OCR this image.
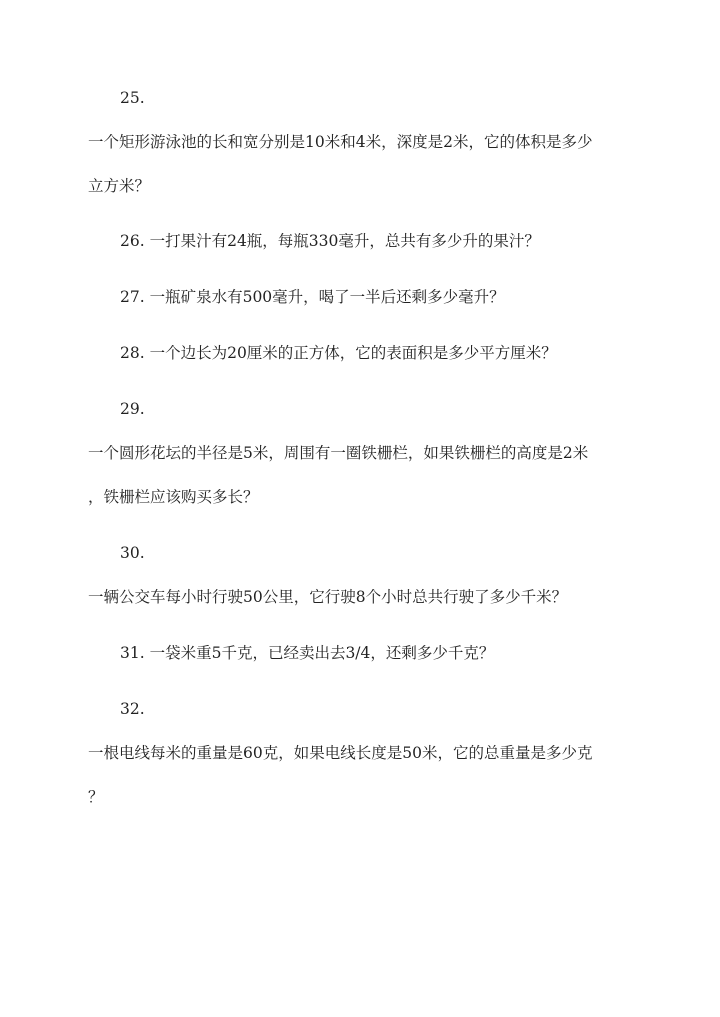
25.
一个矩形游泳池的长和宽分别是10米和4米，深度是2米，它的体积是多少
立方米？
26. 一打果汁有24瓶，每瓶330毫升，总共有多少升的果汁？
27. 一瓶矿泉水有500毫升，喝了一半后还剩多少毫升？
28. 一个边长为20厘米的正方体，它的表面积是多少平方厘米？
29.
一个圆形花坛的半径是5米，周围有一圈铁栅栏，如果铁栅栏的高度是2米
，铁栅栏应该购买多长？
30.
一辆公交车每小时行驶50公里，它行驶8个小时总共行驶了多少千米？
31. 一袋米重5千克，已经卖出去3/4，还剩多少千克？
32.
一根电线每米的重量是60克，如果电线长度是50米，它的总重量是多少克
？
